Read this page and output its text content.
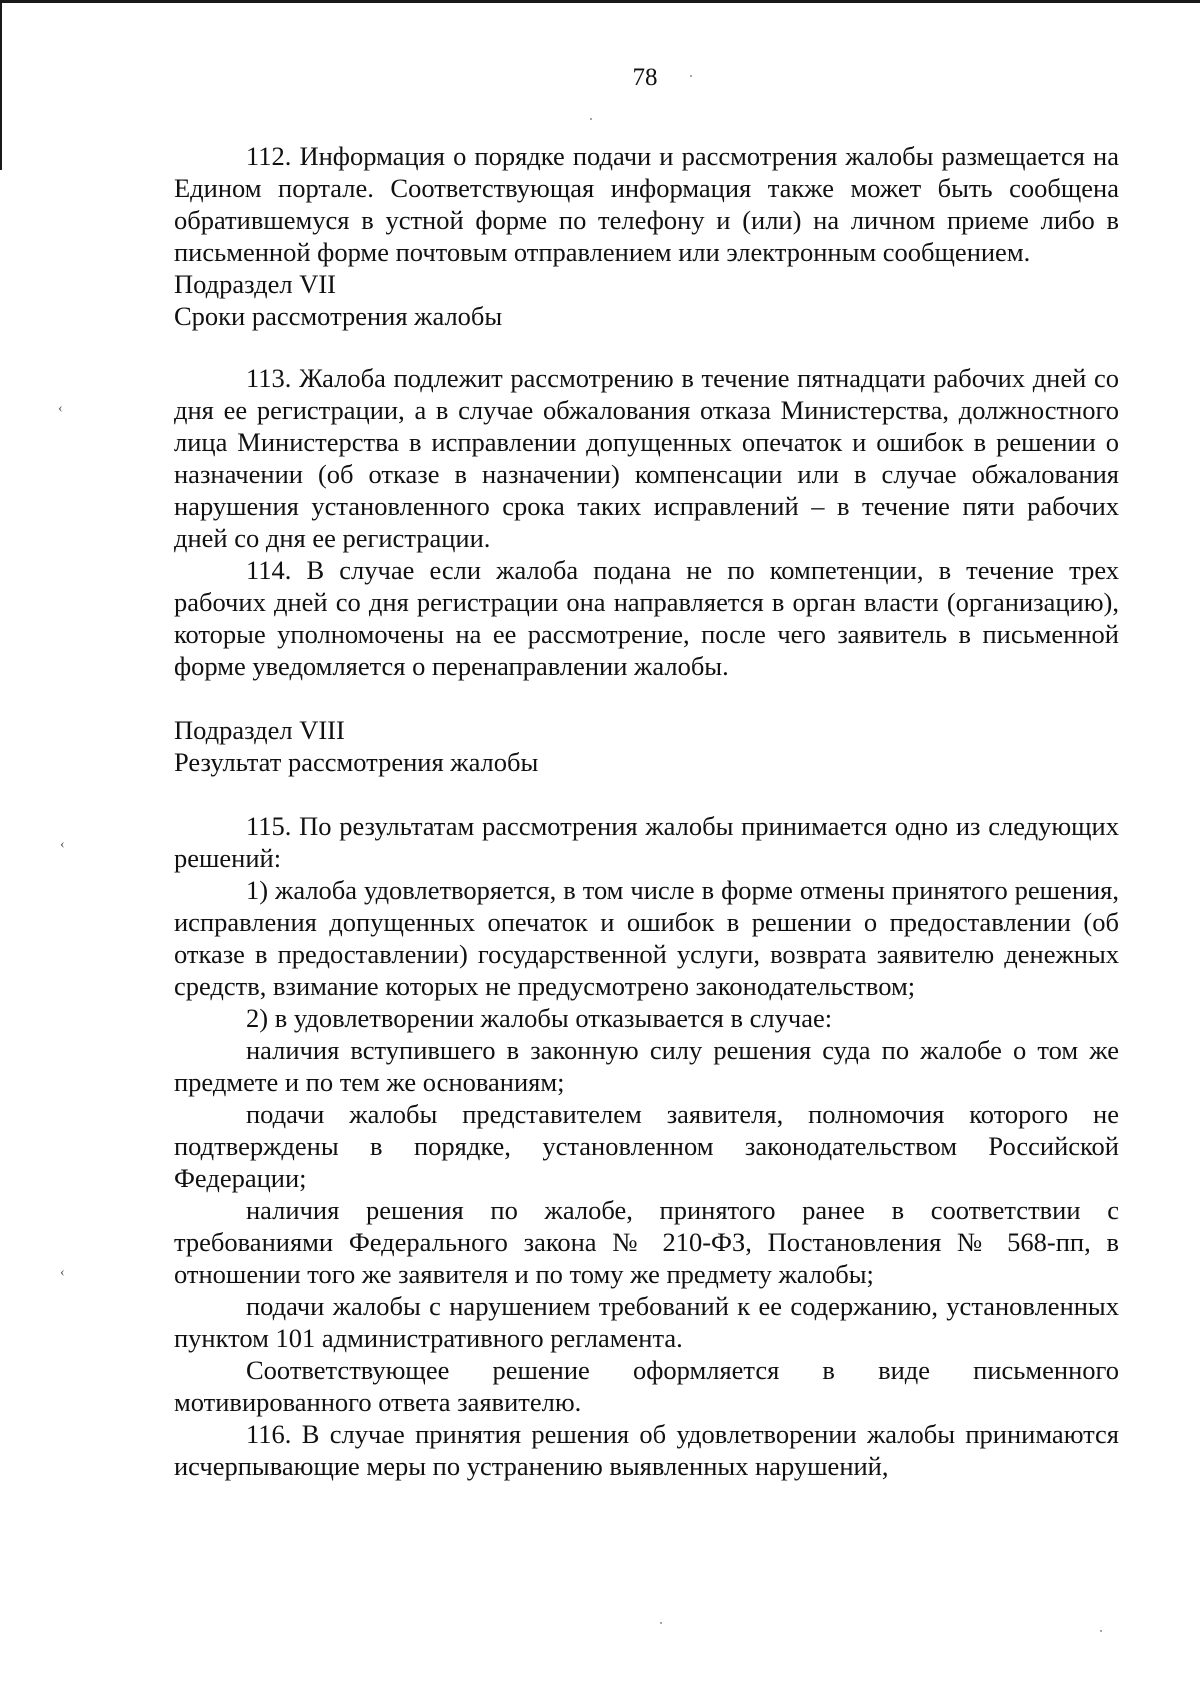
78

112. Информация о порядке подачи и рассмотрения жалобы размещается на Едином портале. Соответствующая информация также может быть сообщена обратившемуся в устной форме по телефону и (или) на личном приеме либо в письменной форме почтовым отправлением или электронным сообщением.

Подраздел VII

Сроки рассмотрения жалобы

113. Жалоба подлежит рассмотрению в течение пятнадцати рабочих дней со дня ее регистрации, а в случае обжалования отказа Министерства, должностного лица Министерства в исправлении допущенных опечаток и ошибок в решении о назначении (об отказе в назначении) компенсации или в случае обжалования нарушения установленного срока таких исправлений – в течение пяти рабочих дней со дня ее регистрации.

114. В случае если жалоба подана не по компетенции, в течение трех рабочих дней со дня регистрации она направляется в орган власти (организацию), которые уполномочены на ее рассмотрение, после чего заявитель в письменной форме уведомляется о перенаправлении жалобы.

Подраздел VIII

Результат рассмотрения жалобы

115. По результатам рассмотрения жалобы принимается одно из следующих решений:

1) жалоба удовлетворяется, в том числе в форме отмены принятого решения, исправления допущенных опечаток и ошибок в решении о предоставлении (об отказе в предоставлении) государственной услуги, возврата заявителю денежных средств, взимание которых не предусмотрено законодательством;

2) в удовлетворении жалобы отказывается в случае:

наличия вступившего в законную силу решения суда по жалобе о том же предмете и по тем же основаниям;

подачи жалобы представителем заявителя, полномочия которого не подтверждены в порядке, установленном законодательством Российской Федерации;

наличия решения по жалобе, принятого ранее в соответствии с требованиями Федерального закона № 210-ФЗ, Постановления № 568-пп, в отношении того же заявителя и по тому же предмету жалобы;

подачи жалобы с нарушением требований к ее содержанию, установленных пунктом 101 административного регламента.

Соответствующее решение оформляется в виде письменного мотивированного ответа заявителю.

116. В случае принятия решения об удовлетворении жалобы принимаются исчерпывающие меры по устранению выявленных нарушений,

‹
‹
‹
